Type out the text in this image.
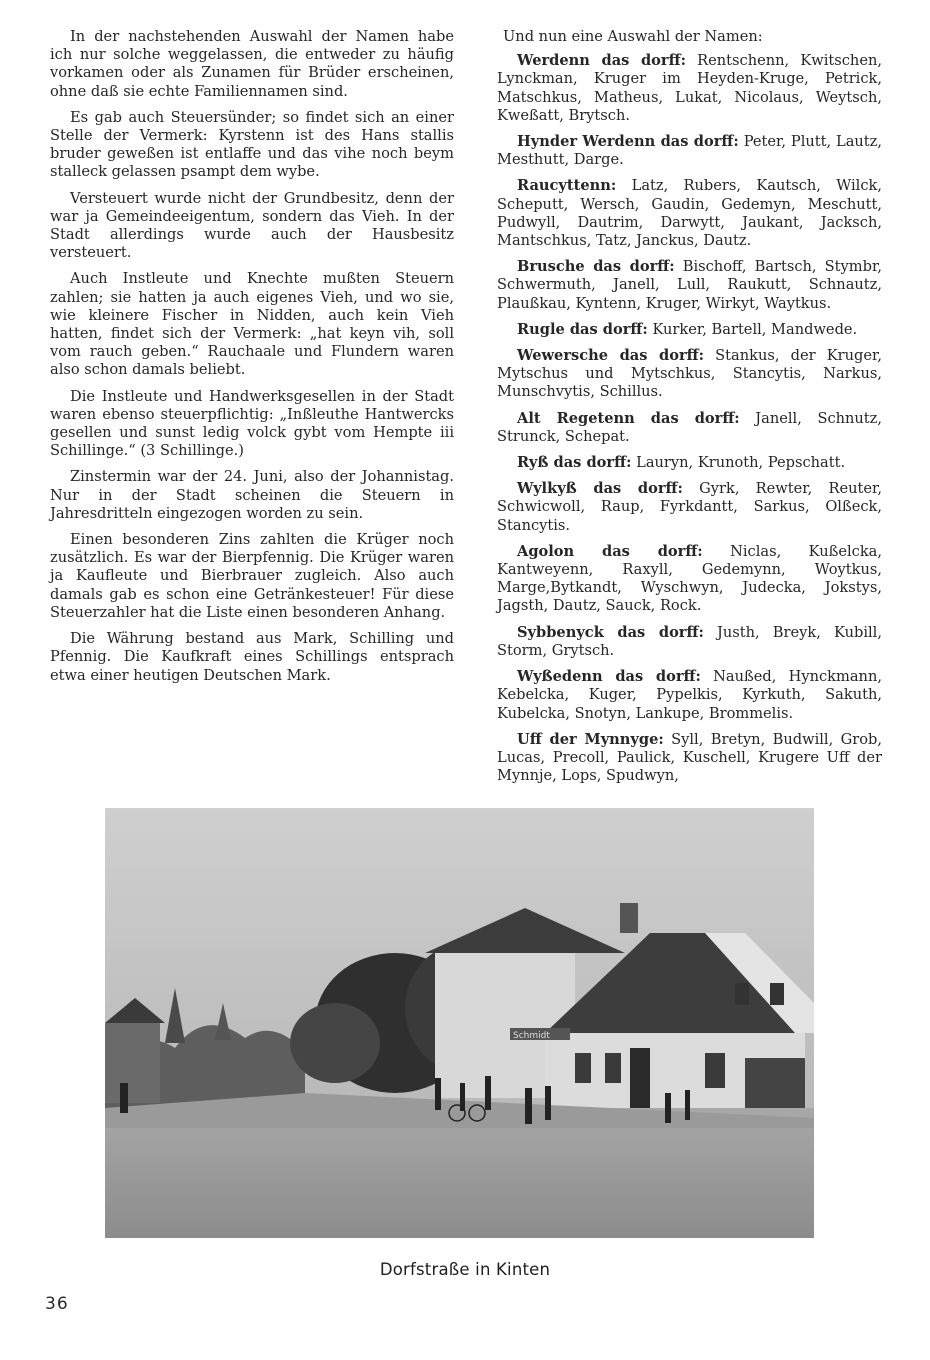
In der nachstehenden Auswahl der Namen habe ich nur solche weggelassen, die entweder zu häufig vorkamen oder als Zunamen für Brüder erscheinen, ohne daß sie echte Familiennamen sind.

Es gab auch Steuersünder; so findet sich an einer Stelle der Vermerk: Kyrstenn ist des Hans stallis bruder geweßen ist entlaffe und das vihe noch beym stalleck gelassen psampt dem wybe.

Versteuert wurde nicht der Grundbesitz, denn der war ja Gemeindeeigentum, sondern das Vieh. In der Stadt allerdings wurde auch der Hausbesitz versteuert.

Auch Instleute und Knechte mußten Steuern zahlen; sie hatten ja auch eigenes Vieh, und wo sie, wie kleinere Fischer in Nidden, auch kein Vieh hatten, findet sich der Vermerk: „hat keyn vih, soll vom rauch geben.“ Rauchaale und Flundern waren also schon damals beliebt.

Die Instleute und Handwerksgesellen in der Stadt waren ebenso steuerpflichtig: „Inßleuthe Hantwercks gesellen und sunst ledig volck gybt vom Hempte iii Schillinge.“ (3 Schillinge.)

Zinstermin war der 24. Juni, also der Johannistag. Nur in der Stadt scheinen die Steuern in Jahresdritteln eingezogen worden zu sein.

Einen besonderen Zins zahlten die Krüger noch zusätzlich. Es war der Bierpfennig. Die Krüger waren ja Kaufleute und Bierbrauer zugleich. Also auch damals gab es schon eine Getränkesteuer! Für diese Steuerzahler hat die Liste einen besonderen Anhang.

Die Währung bestand aus Mark, Schilling und Pfennig. Die Kaufkraft eines Schillings entsprach etwa einer heutigen Deutschen Mark.

Und nun eine Auswahl der Namen:

Werdenn das dorff: Rentschenn, Kwitschen, Lynckman, Kruger im Heyden-Kruge, Petrick, Matschkus, Matheus, Lukat, Nicolaus, Weytsch, Kweßatt, Brytsch.

Hynder Werdenn das dorff: Peter, Plutt, Lautz, Mesthutt, Darge.

Raucyttenn: Latz, Rubers, Kautsch, Wilck, Scheputt, Wersch, Gaudin, Gedemyn, Meschutt, Pudwyll, Dautrim, Darwytt, Jaukant, Jacksch, Mantschkus, Tatz, Janckus, Dautz.

Brusche das dorff: Bischoff, Bartsch, Stymbr, Schwermuth, Janell, Lull, Raukutt, Schnautz, Plaußkau, Kyntenn, Kruger, Wirkyt, Waytkus.

Rugle das dorff: Kurker, Bartell, Mandwede.

Wewersche das dorff: Stankus, der Kruger, Mytschus und Mytschkus, Stancytis, Narkus, Munschvytis, Schillus.

Alt Regetenn das dorff: Janell, Schnutz, Strunck, Schepat.

Ryß das dorff: Lauryn, Krunoth, Pepschatt.

Wylkyß das dorff: Gyrk, Rewter, Reuter, Schwicwoll, Raup, Fyrkdantt, Sarkus, Olßeck, Stancytis.

Agolon das dorff: Niclas, Kußelcka, Kantweyenn, Raxyll, Gedemynn, Woytkus, Marge,Bytkandt, Wyschwyn, Judecka, Jokstys, Jagsth, Dautz, Sauck, Rock.

Sybbenyck das dorff: Justh, Breyk, Kubill, Storm, Grytsch.

Wyßedenn das dorff: Naußed, Hynckmann, Kebelcka, Kuger, Pypelkis, Kyrkuth, Sakuth, Kubelcka, Snotyn, Lankupe, Brommelis.

Uff der Mynnyge: Syll, Bretyn, Budwill, Grob, Lucas, Precoll, Paulick, Kuschell, Krugere Uff der Mynnje, Lops, Spudwyn,

Schmidt
Dorfstraße in Kinten
36
